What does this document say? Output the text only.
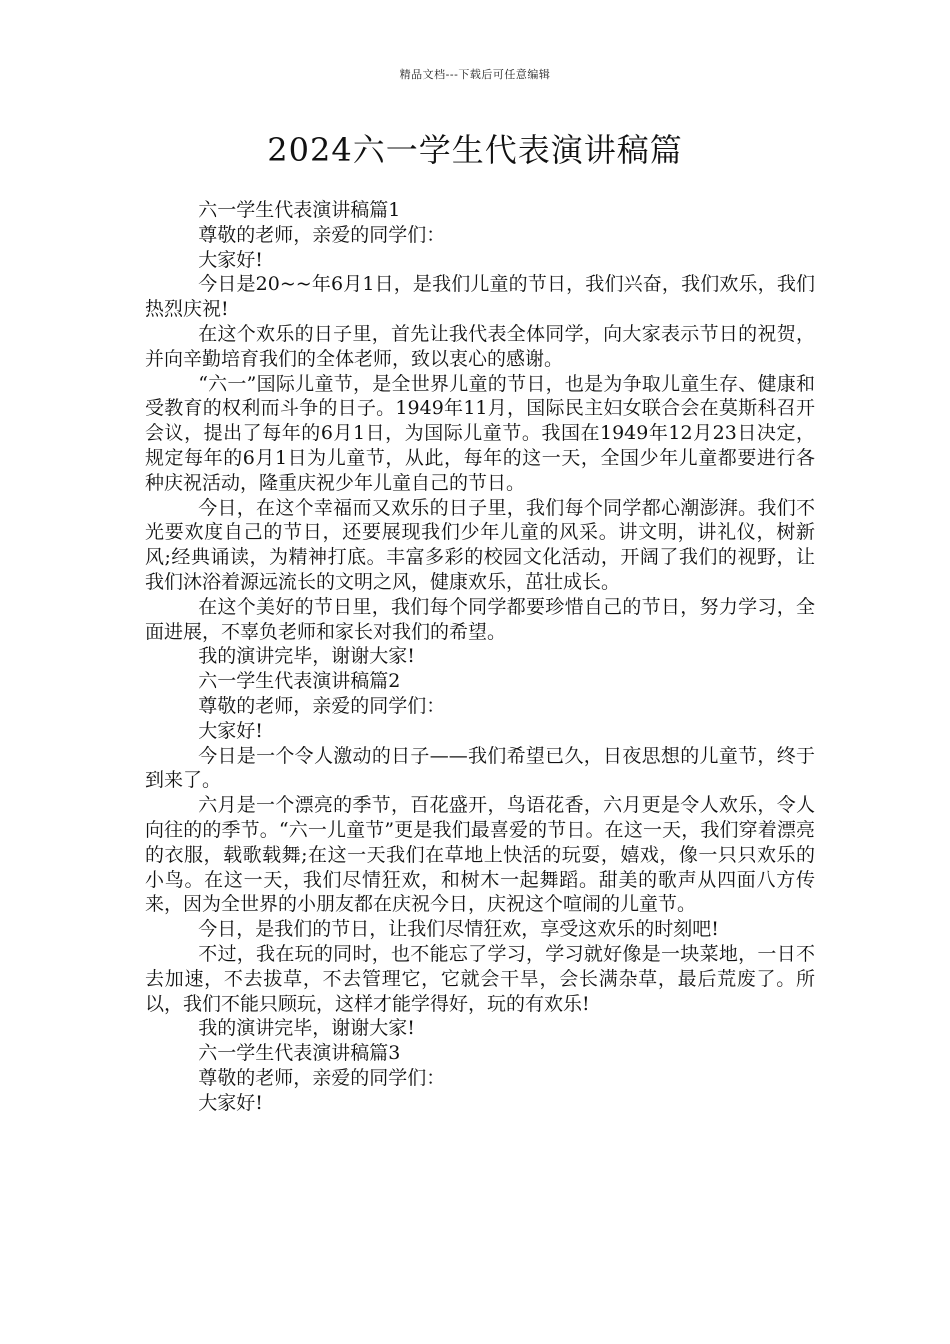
精品文档---下载后可任意编辑
2024六一学生代表演讲稿篇

六一学生代表演讲稿篇1

尊敬的老师，亲爱的同学们：

大家好!

今日是20~~年6月1日，是我们儿童的节日，我们兴奋，我们欢乐，我们热烈庆祝!

在这个欢乐的日子里，首先让我代表全体同学，向大家表示节日的祝贺，并向辛勤培育我们的全体老师，致以衷心的感谢。

“六一”国际儿童节，是全世界儿童的节日，也是为争取儿童生存、健康和受教育的权利而斗争的日子。1949年11月，国际民主妇女联合会在莫斯科召开会议，提出了每年的6月1日，为国际儿童节。我国在1949年12月23日决定，规定每年的6月1日为儿童节，从此，每年的这一天，全国少年儿童都要进行各种庆祝活动，隆重庆祝少年儿童自己的节日。

今日，在这个幸福而又欢乐的日子里，我们每个同学都心潮澎湃。我们不光要欢度自己的节日，还要展现我们少年儿童的风采。讲文明，讲礼仪，树新风;经典诵读，为精神打底。丰富多彩的校园文化活动，开阔了我们的视野，让我们沐浴着源远流长的文明之风，健康欢乐，茁壮成长。

在这个美好的节日里，我们每个同学都要珍惜自己的节日，努力学习，全面进展，不辜负老师和家长对我们的希望。

我的演讲完毕，谢谢大家!

六一学生代表演讲稿篇2

尊敬的老师，亲爱的同学们：

大家好!

今日是一个令人激动的日子——我们希望已久，日夜思想的儿童节，终于到来了。

六月是一个漂亮的季节，百花盛开，鸟语花香，六月更是令人欢乐，令人向往的的季节。“六一儿童节”更是我们最喜爱的节日。在这一天，我们穿着漂亮的衣服，载歌载舞;在这一天我们在草地上快活的玩耍，嬉戏，像一只只欢乐的小鸟。在这一天，我们尽情狂欢，和树木一起舞蹈。甜美的歌声从四面八方传来，因为全世界的小朋友都在庆祝今日，庆祝这个喧闹的儿童节。

今日，是我们的节日，让我们尽情狂欢，享受这欢乐的时刻吧!

不过，我在玩的同时，也不能忘了学习，学习就好像是一块菜地，一日不去加速，不去拔草，不去管理它，它就会干旱，会长满杂草，最后荒废了。所以，我们不能只顾玩，这样才能学得好，玩的有欢乐!

我的演讲完毕，谢谢大家!

六一学生代表演讲稿篇3

尊敬的老师，亲爱的同学们：

大家好!
